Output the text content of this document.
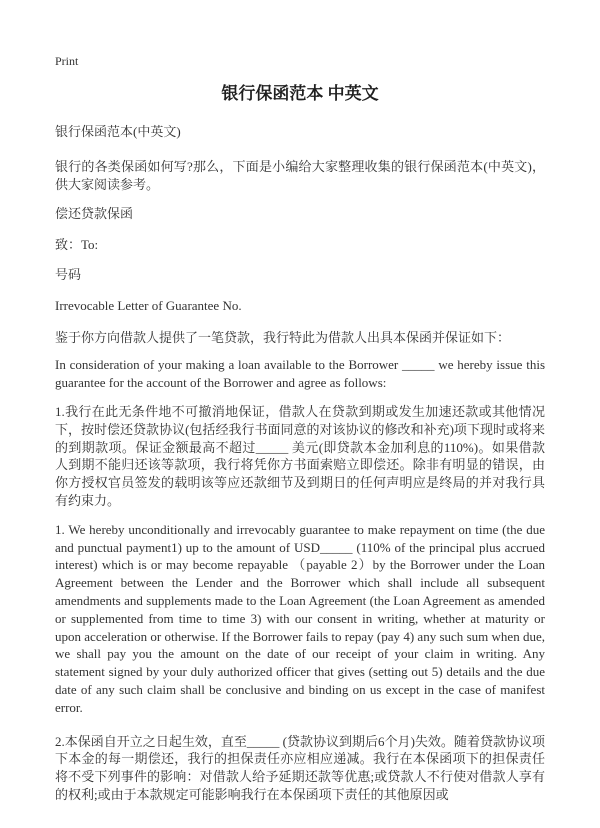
Print
银行保函范本 中英文

银行保函范本(中英文)

银行的各类保函如何写?那么，下面是小编给大家整理收集的银行保函范本(中英文)，供大家阅读参考。

偿还贷款保函

致：To:

号码

Irrevocable Letter of Guarantee No.

鉴于你方向借款人提供了一笔贷款，我行特此为借款人出具本保函并保证如下：

In consideration of your making a loan available to the Borrower _____ we hereby issue this guarantee for the account of the Borrower and agree as follows:

1.我行在此无条件地不可撤消地保证，借款人在贷款到期或发生加速还款或其他情况下，按时偿还贷款协议(包括经我行书面同意的对该协议的修改和补充)项下现时或将来的到期款项。保证金额最高不超过_____ 美元(即贷款本金加利息的110%)。如果借款人到期不能归还该等款项，我行将凭你方书面索赔立即偿还。除非有明显的错误，由你方授权官员签发的载明该等应还款细节及到期日的任何声明应是终局的并对我行具有约束力。

1. We hereby unconditionally and irrevocably guarantee to make repayment on time (the due and punctual payment1) up to the amount of USD_____ (110% of the principal plus accrued interest) which is or may become repayable （payable 2）by the Borrower under the Loan Agreement between the Lender and the Borrower which shall include all subsequent amendments and supplements made to the Loan Agreement (the Loan Agreement as amended or supplemented from time to time 3) with our consent in writing, whether at maturity or upon acceleration or otherwise. If the Borrower fails to repay (pay 4) any such sum when due, we shall pay you the amount on the date of our receipt of your claim in writing. Any statement signed by your duly authorized officer that gives (setting out 5) details and the due date of any such claim shall be conclusive and binding on us except in the case of manifest error.

2.本保函自开立之日起生效，直至_____ (贷款协议到期后6个月)失效。随着贷款协议项下本金的每一期偿还，我行的担保责任亦应相应递减。我行在本保函项下的担保责任将不受下列事件的影响：对借款人给予延期还款等优惠;或贷款人不行使对借款人享有的权利;或由于本款规定可能影响我行在本保函项下责任的其他原因或
